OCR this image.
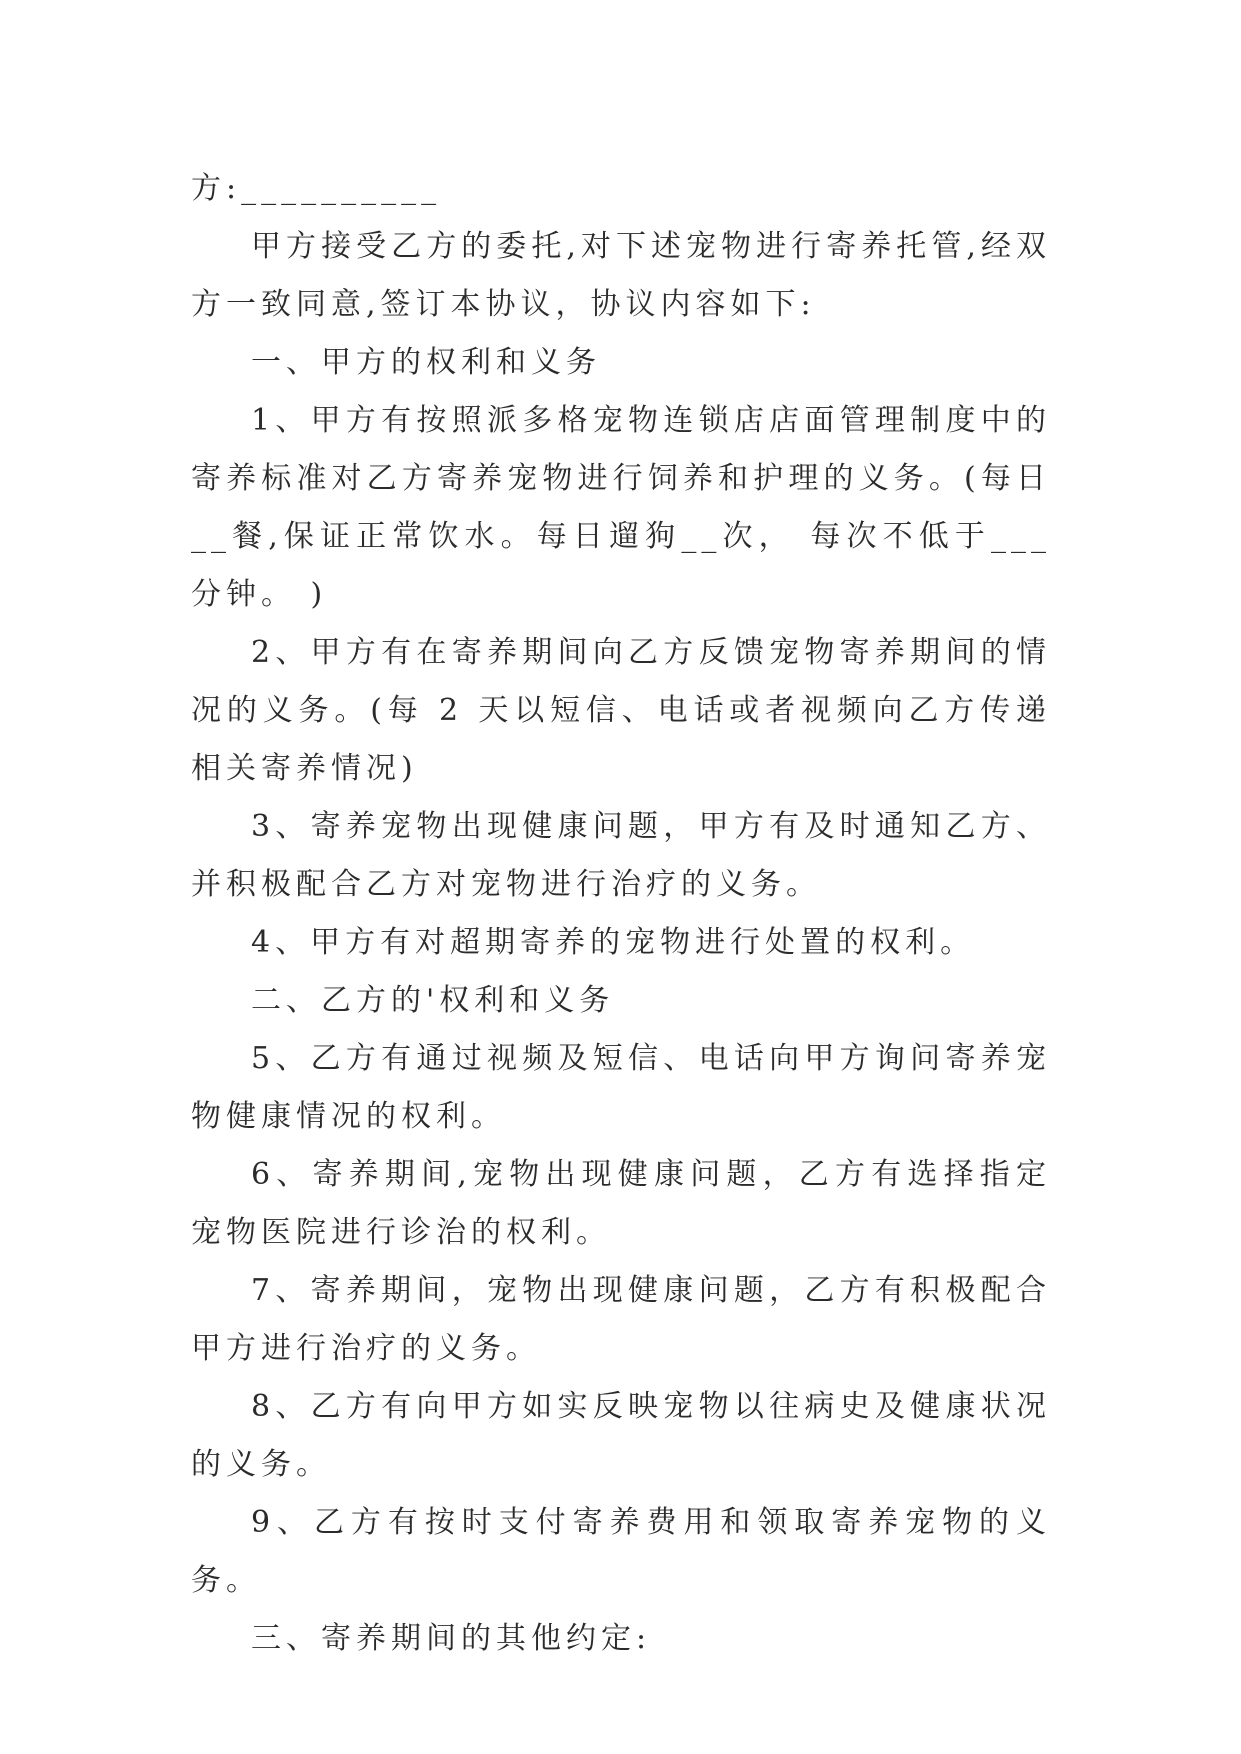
方:__________

甲方接受乙方的委托,对下述宠物进行寄养托管,经双方一致同意,签订本协议，协议内容如下:

一、甲方的权利和义务

1、甲方有按照派多格宠物连锁店店面管理制度中的寄养标准对乙方寄养宠物进行饲养和护理的义务。(每日__餐,保证正常饮水。每日遛狗__次， 每次不低于___分钟。 )

2、甲方有在寄养期间向乙方反馈宠物寄养期间的情况的义务。(每 2 天以短信、电话或者视频向乙方传递相关寄养情况)

3、寄养宠物出现健康问题，甲方有及时通知乙方、并积极配合乙方对宠物进行治疗的义务。

4、甲方有对超期寄养的宠物进行处置的权利。

二、乙方的'权利和义务

5、乙方有通过视频及短信、电话向甲方询问寄养宠物健康情况的权利。

6、寄养期间,宠物出现健康问题，乙方有选择指定宠物医院进行诊治的权利。

7、寄养期间，宠物出现健康问题，乙方有积极配合甲方进行治疗的义务。

8、乙方有向甲方如实反映宠物以往病史及健康状况的义务。

9、乙方有按时支付寄养费用和领取寄养宠物的义务。

三、寄养期间的其他约定:
